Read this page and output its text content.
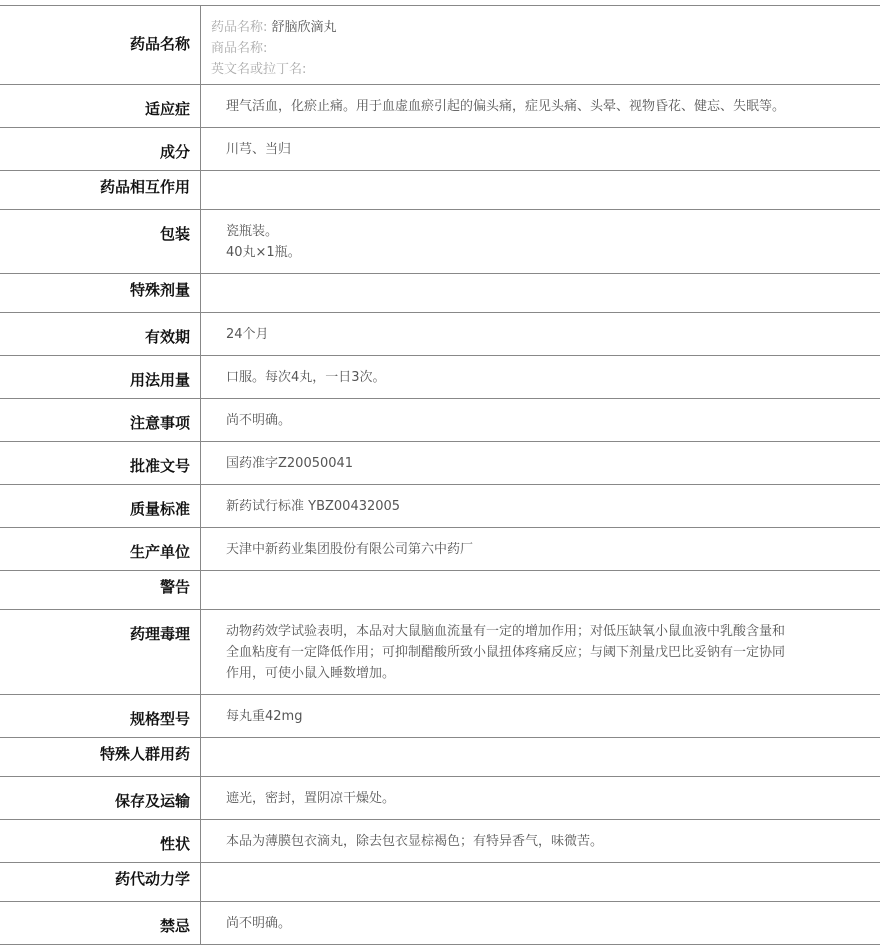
药品名称	药品名称: 舒脑欣滴丸
商品名称:
英文名或拉丁名:

适应症	理气活血，化瘀止痛。用于血虚血瘀引起的偏头痛，症见头痛、头晕、视物昏花、健忘、失眠等。
成分	川芎、当归
药品相互作用	
包装	瓷瓶装。
40丸×1瓶。

特殊剂量	
有效期	24个月
用法用量	口服。每次4丸，一日3次。
注意事项	尚不明确。
批准文号	国药准字Z20050041
质量标准	新药试行标准 YBZ00432005
生产单位	天津中新药业集团股份有限公司第六中药厂
警告	
药理毒理	动物药效学试验表明，本品对大鼠脑血流量有一定的增加作用；对低压缺氧小鼠血液中乳酸含量和全血粘度有一定降低作用；可抑制醋酸所致小鼠扭体疼痛反应；与阈下剂量戊巴比妥钠有一定协同作用，可使小鼠入睡数增加。
规格型号	每丸重42mg
特殊人群用药	
保存及运输	遮光，密封，置阴凉干燥处。
性状	本品为薄膜包衣滴丸，除去包衣显棕褐色；有特异香气，味微苦。
药代动力学	
禁忌	尚不明确。
